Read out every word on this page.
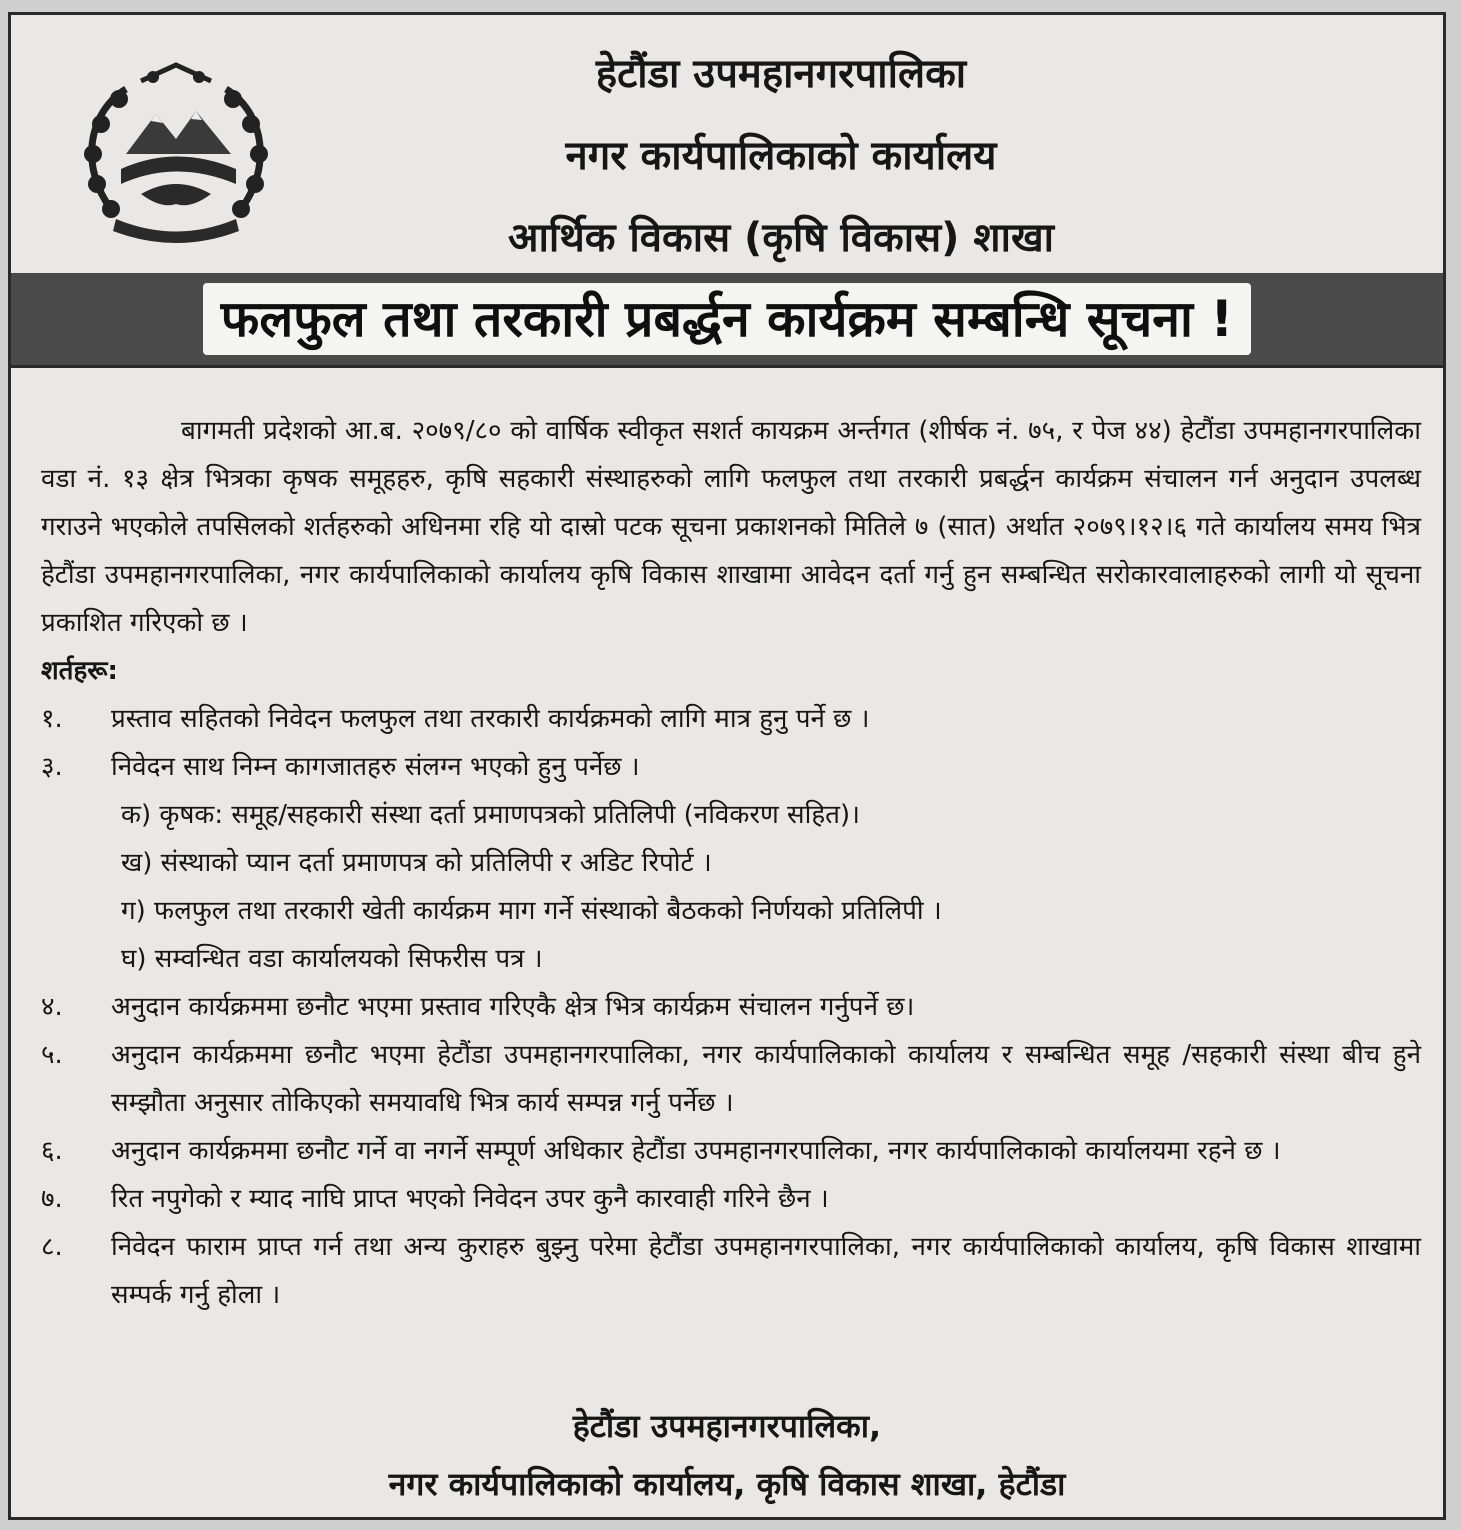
हेटौंडा उपमहानगरपालिका
नगर कार्यपालिकाको कार्यालय
आर्थिक विकास (कृषि विकास) शाखा
फलफुल तथा तरकारी प्रबर्द्धन कार्यक्रम सम्बन्धि सूचना !

बागमती प्रदेशको आ.ब. २०७९/८० को वार्षिक स्वीकृत सशर्त कायक्रम अर्न्तगत (शीर्षक नं. ७५, र पेज ४४) हेटौंडा उपमहानगरपालिका वडा नं. १३ क्षेत्र भित्रका कृषक समूहहरु, कृषि सहकारी संस्थाहरुको लागि फलफुल तथा तरकारी प्रबर्द्धन कार्यक्रम संचालन गर्न अनुदान उपलब्ध गराउने भएकोले तपसिलको शर्तहरुको अधिनमा रहि यो दास्रो पटक सूचना प्रकाशनको मितिले ७ (सात) अर्थात २०७९।१२।६ गते कार्यालय समय भित्र हेटौंडा उपमहानगरपालिका, नगर कार्यपालिकाको कार्यालय कृषि विकास शाखामा आवेदन दर्ता गर्नु हुन सम्बन्धित सरोकारवालाहरुको लागी यो सूचना प्रकाशित गरिएको छ ।

शर्तहरू:

१.	प्रस्ताव सहितको निवेदन फलफुल तथा तरकारी कार्यक्रमको लागि मात्र हुनु पर्ने छ ।
३.	निवेदन साथ निम्न कागजातहरु संलग्न भएको हुनु पर्नेछ ।

क) कृषक: समूह/सहकारी संस्था दर्ता प्रमाणपत्रको प्रतिलिपी (नविकरण सहित)।

ख) संस्थाको प्यान दर्ता प्रमाणपत्र को प्रतिलिपी र अडिट रिपोर्ट ।

ग) फलफुल तथा तरकारी खेती कार्यक्रम माग गर्ने संस्थाको बैठकको निर्णयको प्रतिलिपी ।

घ) सम्वन्धित वडा कार्यालयको सिफरीस पत्र ।

४.	अनुदान कार्यक्रममा छनौट भएमा प्रस्ताव गरिएकै क्षेत्र भित्र कार्यक्रम संचालन गर्नुपर्ने छ।
५.	अनुदान कार्यक्रममा छनौट भएमा हेटौंडा उपमहानगरपालिका, नगर कार्यपालिकाको कार्यालय र सम्बन्धित समूह /सहकारी संस्था बीच हुने सम्झौता अनुसार तोकिएको समयावधि भित्र कार्य सम्पन्न गर्नु पर्नेछ ।
६.	अनुदान कार्यक्रममा छनौट गर्ने वा नगर्ने सम्पूर्ण अधिकार हेटौंडा उपमहानगरपालिका, नगर कार्यपालिकाको कार्यालयमा रहने छ ।
७.	रित नपुगेको र म्याद नाघि प्राप्त भएको निवेदन उपर कुनै कारवाही गरिने छैन ।
८.	निवेदन फाराम प्राप्त गर्न तथा अन्य कुराहरु बुझ्नु परेमा हेटौंडा उपमहानगरपालिका, नगर कार्यपालिकाको कार्यालय, कृषि विकास शाखामा सम्पर्क गर्नु होला ।
हेटौंडा उपमहानगरपालिका,
नगर कार्यपालिकाको कार्यालय, कृषि विकास शाखा, हेटौंडा
